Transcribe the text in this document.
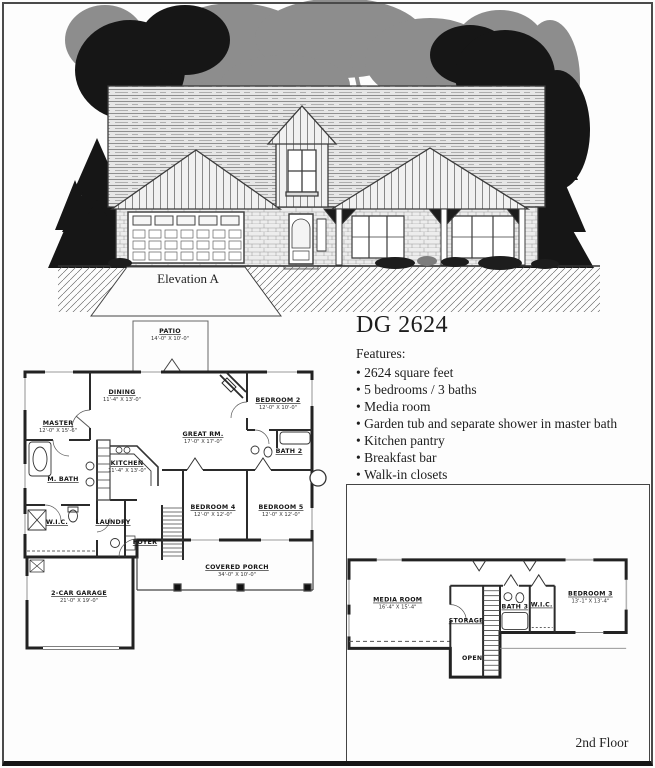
Elevation A
DG 2624
Features:
• 2624 square feet
• 5 bedrooms / 3 baths
• Media room
• Garden tub and separate shower in master bath
• Kitchen pantry
• Breakfast bar
• Walk-in closets
PATIO
14'-0" X 10'-0"
DINING
11'-4" X 13'-0"
MASTER
12'-0" X 15'-6"
KITCHEN
11'-4" X 13'-0"
GREAT RM.
17'-0" X 17'-0"
BEDROOM 2
12'-0" X 10'-0"
BATH 2
M. BATH
W.I.C.	LAUNDRY
FOYER
BEDROOM 4
12'-0" X 12'-0"
BEDROOM 5
12'-0" X 12'-0"
2-CAR GARAGE
21'-0" X 19'-0"
COVERED PORCH
34'-0" X 10'-0"
MEDIA ROOM
16'-4" X 15'-4"
STORAGE
OPEN
BATH 3 W.I.C.
BEDROOM 3
13'-1" X 13'-4"
2nd Floor
